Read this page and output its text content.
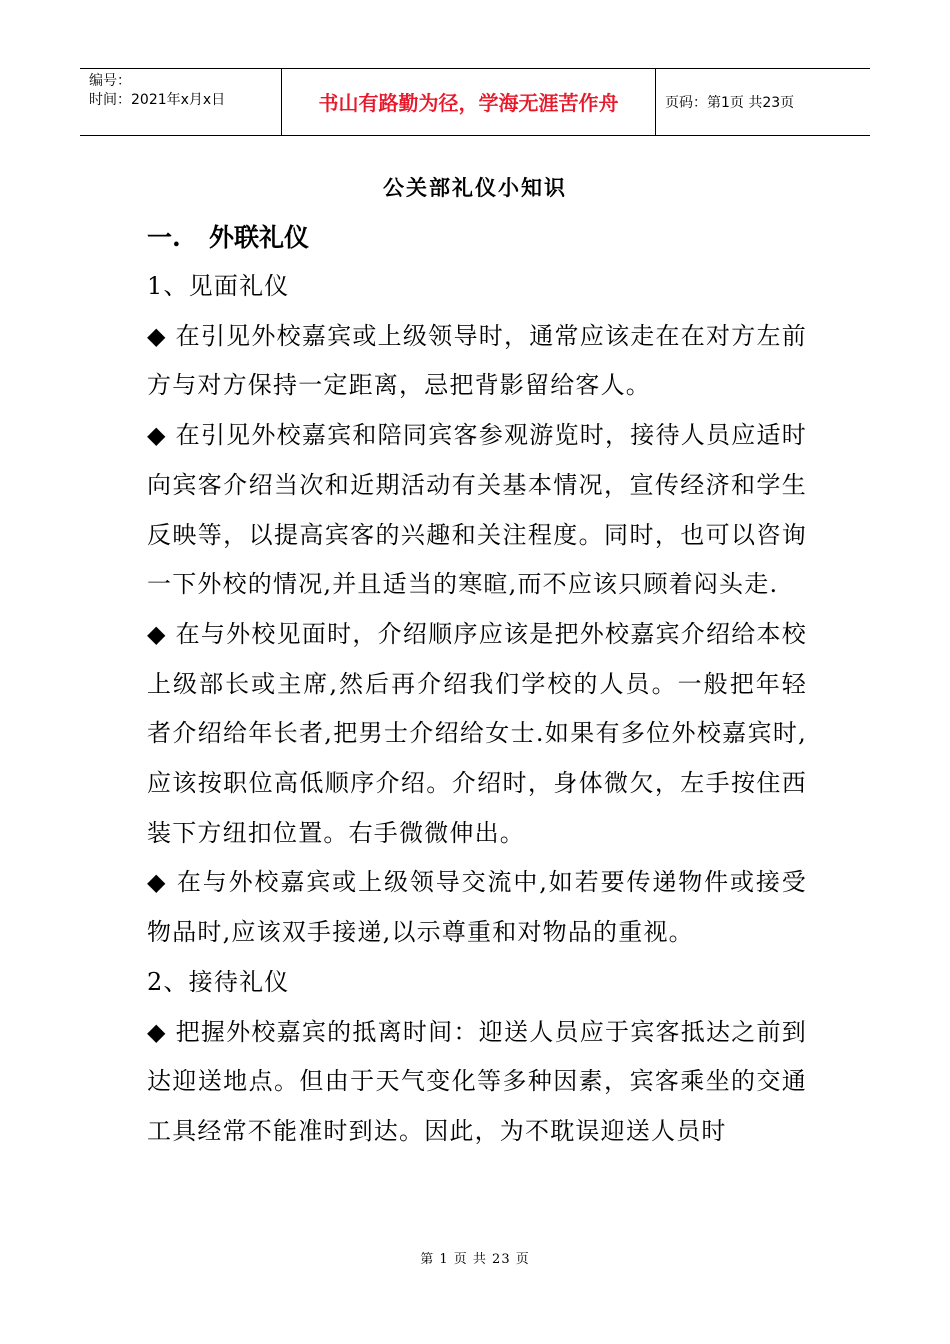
编号：
时间：2021年x月x日	书山有路勤为径，学海无涯苦作舟	页码：第1页 共23页
公关部礼仪小知识
一. 外联礼仪

1、见面礼仪

◆ 在引见外校嘉宾或上级领导时，通常应该走在在对方左前方与对方保持一定距离，忌把背影留给客人。

◆ 在引见外校嘉宾和陪同宾客参观游览时，接待人员应适时向宾客介绍当次和近期活动有关基本情况，宣传经济和学生反映等，以提高宾客的兴趣和关注程度。同时，也可以咨询一下外校的情况,并且适当的寒暄,而不应该只顾着闷头走.

◆ 在与外校见面时，介绍顺序应该是把外校嘉宾介绍给本校上级部长或主席,然后再介绍我们学校的人员。一般把年轻者介绍给年长者,把男士介绍给女士.如果有多位外校嘉宾时,应该按职位高低顺序介绍。介绍时，身体微欠，左手按住西装下方纽扣位置。右手微微伸出。

◆ 在与外校嘉宾或上级领导交流中,如若要传递物件或接受物品时,应该双手接递,以示尊重和对物品的重视。

2、接待礼仪

◆ 把握外校嘉宾的抵离时间：迎送人员应于宾客抵达之前到达迎送地点。但由于天气变化等多种因素，宾客乘坐的交通工具经常不能准时到达。因此，为不耽误迎送人员时

第 1 页 共 23 页
